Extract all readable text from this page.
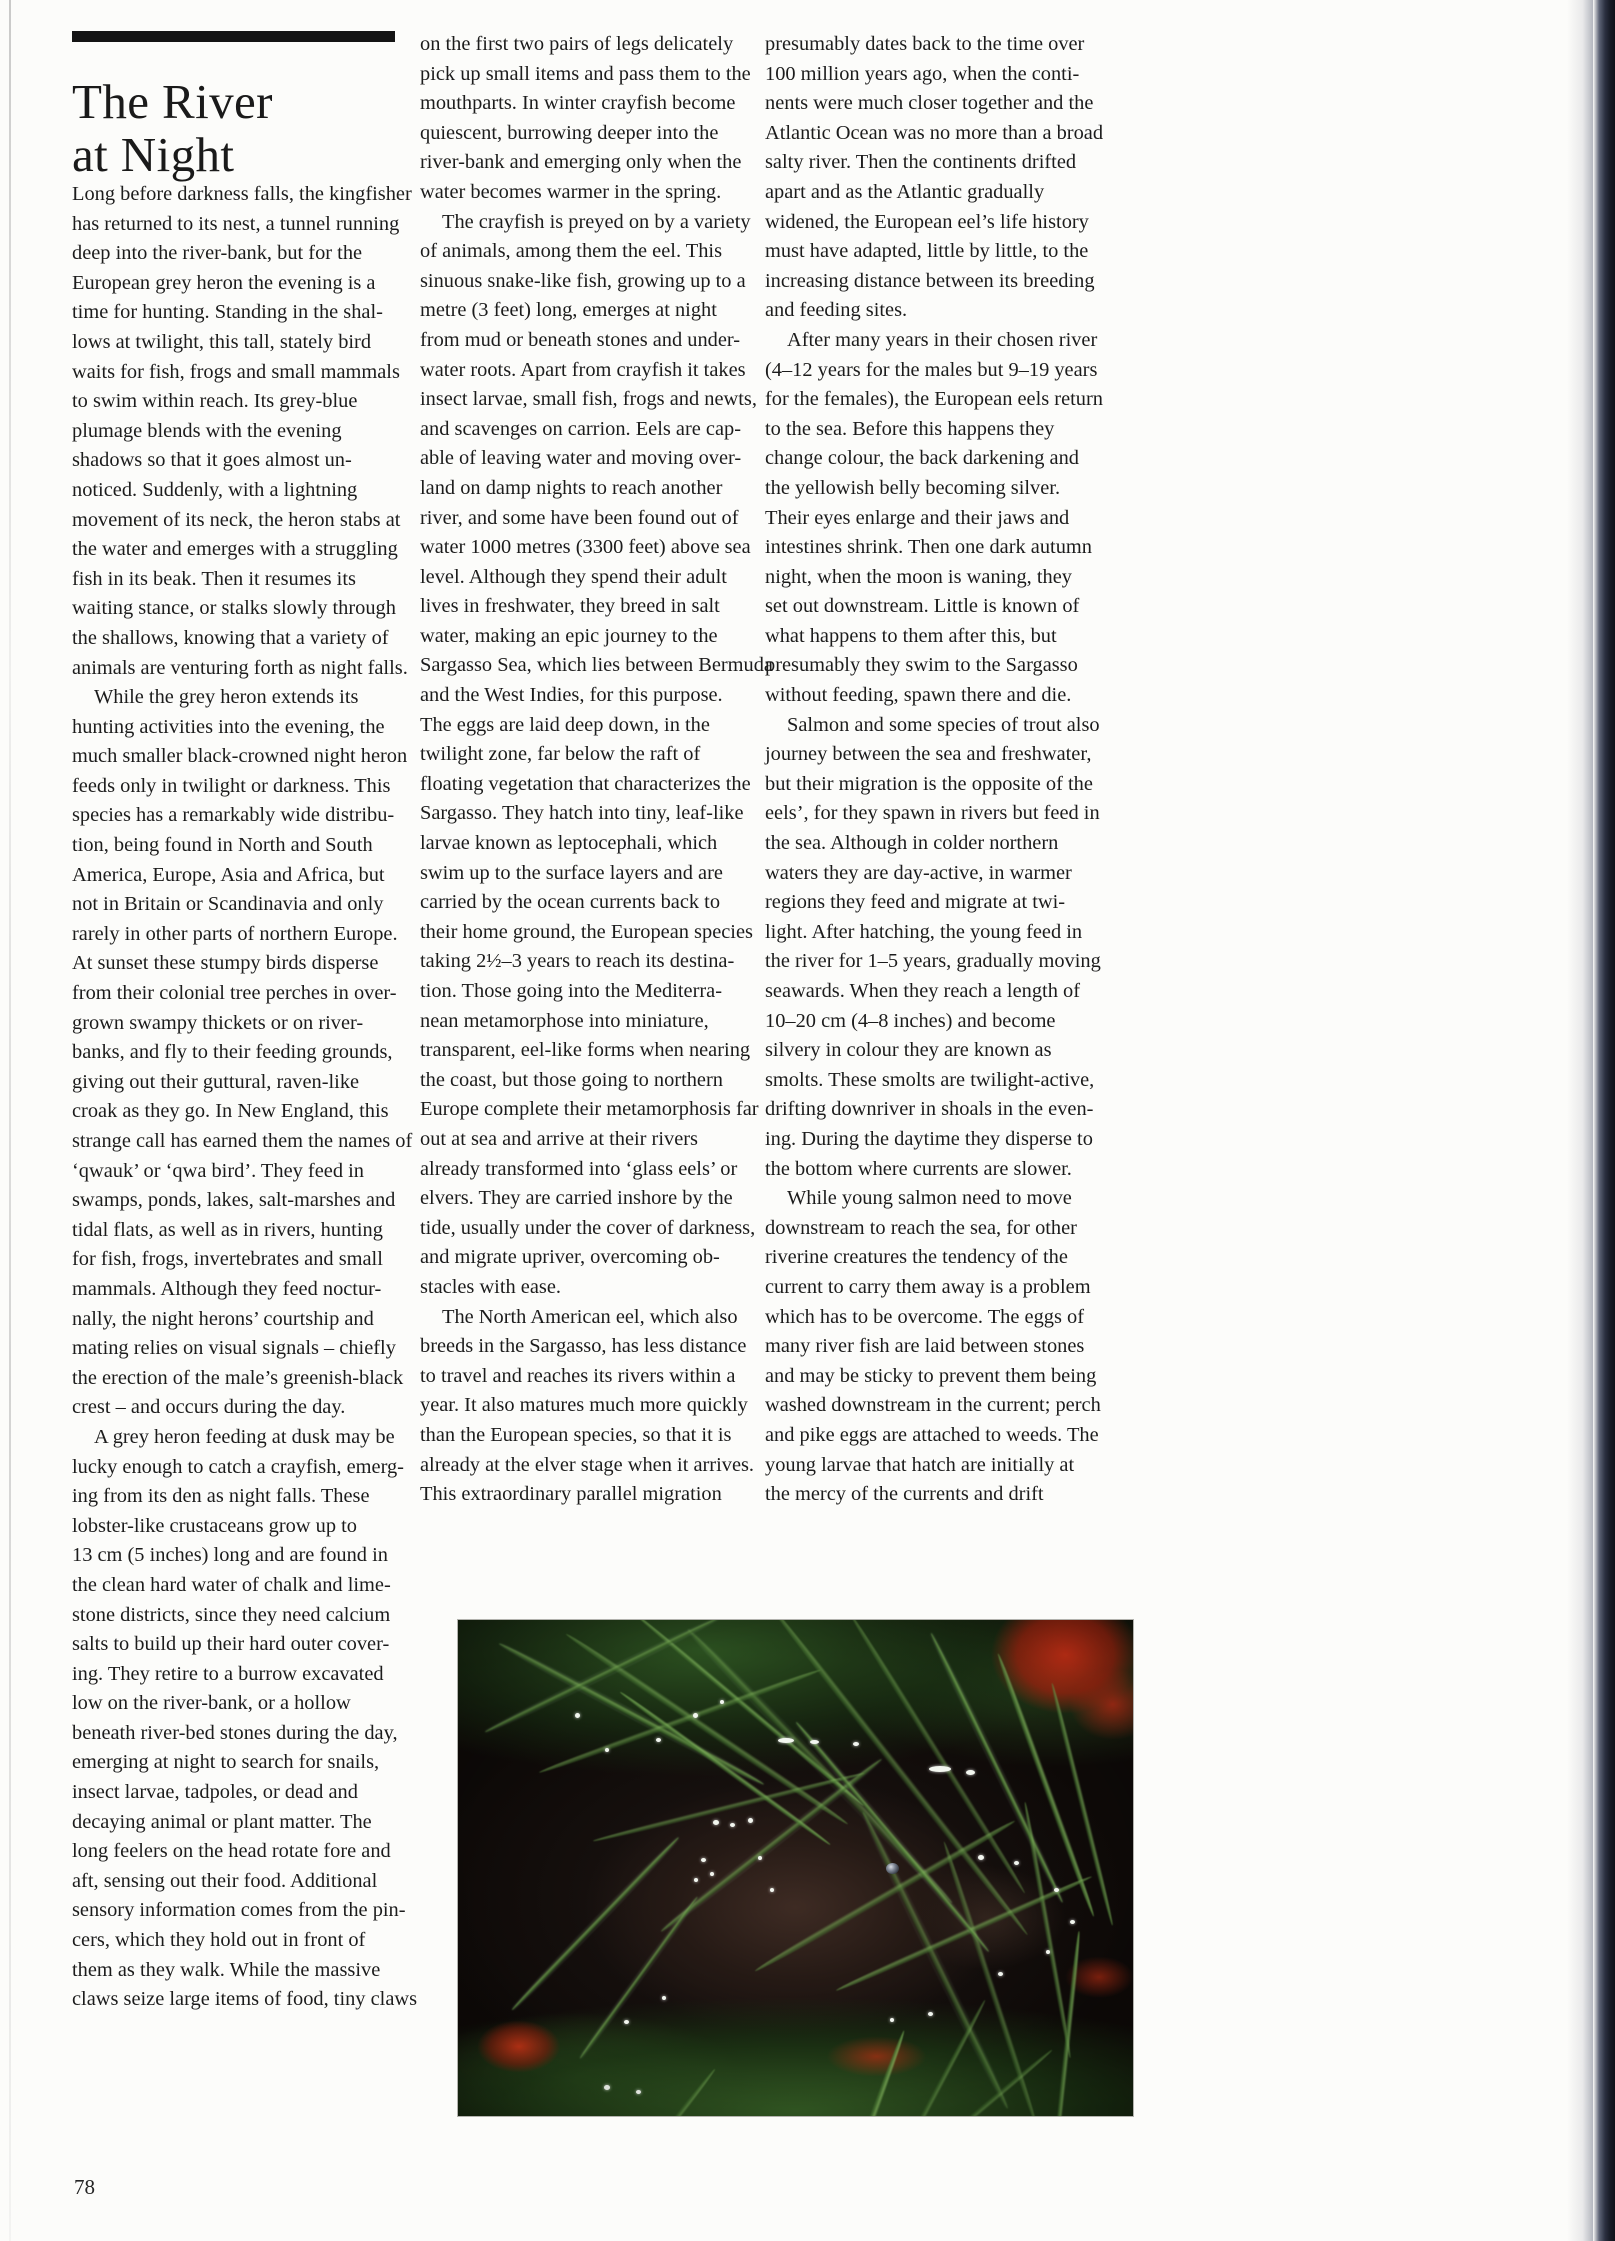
The River
at Night

Long before darkness falls, the kingfisher
has returned to its nest, a tunnel running
deep into the river-bank, but for the
European grey heron the evening is a
time for hunting. Standing in the shal-
lows at twilight, this tall, stately bird
waits for fish, frogs and small mammals
to swim within reach. Its grey-blue
plumage blends with the evening
shadows so that it goes almost un-
noticed. Suddenly, with a lightning
movement of its neck, the heron stabs at
the water and emerges with a struggling
fish in its beak. Then it resumes its
waiting stance, or stalks slowly through
the shallows, knowing that a variety of
animals are venturing forth as night falls.

While the grey heron extends its
hunting activities into the evening, the
much smaller black-crowned night heron
feeds only in twilight or darkness. This
species has a remarkably wide distribu-
tion, being found in North and South
America, Europe, Asia and Africa, but
not in Britain or Scandinavia and only
rarely in other parts of northern Europe.
At sunset these stumpy birds disperse
from their colonial tree perches in over-
grown swampy thickets or on river-
banks, and fly to their feeding grounds,
giving out their guttural, raven-like
croak as they go. In New England, this
strange call has earned them the names of
‘qwauk’ or ‘qwa bird’. They feed in
swamps, ponds, lakes, salt-marshes and
tidal flats, as well as in rivers, hunting
for fish, frogs, invertebrates and small
mammals. Although they feed noctur-
nally, the night herons’ courtship and
mating relies on visual signals – chiefly
the erection of the male’s greenish-black
crest – and occurs during the day.

A grey heron feeding at dusk may be
lucky enough to catch a crayfish, emerg-
ing from its den as night falls. These
lobster-like crustaceans grow up to
13 cm (5 inches) long and are found in
the clean hard water of chalk and lime-
stone districts, since they need calcium
salts to build up their hard outer cover-
ing. They retire to a burrow excavated
low on the river-bank, or a hollow
beneath river-bed stones during the day,
emerging at night to search for snails,
insect larvae, tadpoles, or dead and
decaying animal or plant matter. The
long feelers on the head rotate fore and
aft, sensing out their food. Additional
sensory information comes from the pin-
cers, which they hold out in front of
them as they walk. While the massive
claws seize large items of food, tiny claws

on the first two pairs of legs delicately
pick up small items and pass them to the
mouthparts. In winter crayfish become
quiescent, burrowing deeper into the
river-bank and emerging only when the
water becomes warmer in the spring.

The crayfish is preyed on by a variety
of animals, among them the eel. This
sinuous snake-like fish, growing up to a
metre (3 feet) long, emerges at night
from mud or beneath stones and under-
water roots. Apart from crayfish it takes
insect larvae, small fish, frogs and newts,
and scavenges on carrion. Eels are cap-
able of leaving water and moving over-
land on damp nights to reach another
river, and some have been found out of
water 1000 metres (3300 feet) above sea
level. Although they spend their adult
lives in freshwater, they breed in salt
water, making an epic journey to the
Sargasso Sea, which lies between Bermuda
and the West Indies, for this purpose.
The eggs are laid deep down, in the
twilight zone, far below the raft of
floating vegetation that characterizes the
Sargasso. They hatch into tiny, leaf-like
larvae known as leptocephali, which
swim up to the surface layers and are
carried by the ocean currents back to
their home ground, the European species
taking 2½–3 years to reach its destina-
tion. Those going into the Mediterra-
nean metamorphose into miniature,
transparent, eel-like forms when nearing
the coast, but those going to northern
Europe complete their metamorphosis far
out at sea and arrive at their rivers
already transformed into ‘glass eels’ or
elvers. They are carried inshore by the
tide, usually under the cover of darkness,
and migrate upriver, overcoming ob-
stacles with ease.

The North American eel, which also
breeds in the Sargasso, has less distance
to travel and reaches its rivers within a
year. It also matures much more quickly
than the European species, so that it is
already at the elver stage when it arrives.
This extraordinary parallel migration

presumably dates back to the time over
100 million years ago, when the conti-
nents were much closer together and the
Atlantic Ocean was no more than a broad
salty river. Then the continents drifted
apart and as the Atlantic gradually
widened, the European eel’s life history
must have adapted, little by little, to the
increasing distance between its breeding
and feeding sites.

After many years in their chosen river
(4–12 years for the males but 9–19 years
for the females), the European eels return
to the sea. Before this happens they
change colour, the back darkening and
the yellowish belly becoming silver.
Their eyes enlarge and their jaws and
intestines shrink. Then one dark autumn
night, when the moon is waning, they
set out downstream. Little is known of
what happens to them after this, but
presumably they swim to the Sargasso
without feeding, spawn there and die.

Salmon and some species of trout also
journey between the sea and freshwater,
but their migration is the opposite of the
eels’, for they spawn in rivers but feed in
the sea. Although in colder northern
waters they are day-active, in warmer
regions they feed and migrate at twi-
light. After hatching, the young feed in
the river for 1–5 years, gradually moving
seawards. When they reach a length of
10–20 cm (4–8 inches) and become
silvery in colour they are known as
smolts. These smolts are twilight-active,
drifting downriver in shoals in the even-
ing. During the daytime they disperse to
the bottom where currents are slower.

While young salmon need to move
downstream to reach the sea, for other
riverine creatures the tendency of the
current to carry them away is a problem
which has to be overcome. The eggs of
many river fish are laid between stones
and may be sticky to prevent them being
washed downstream in the current; perch
and pike eggs are attached to weeds. The
young larvae that hatch are initially at
the mercy of the currents and drift

78
